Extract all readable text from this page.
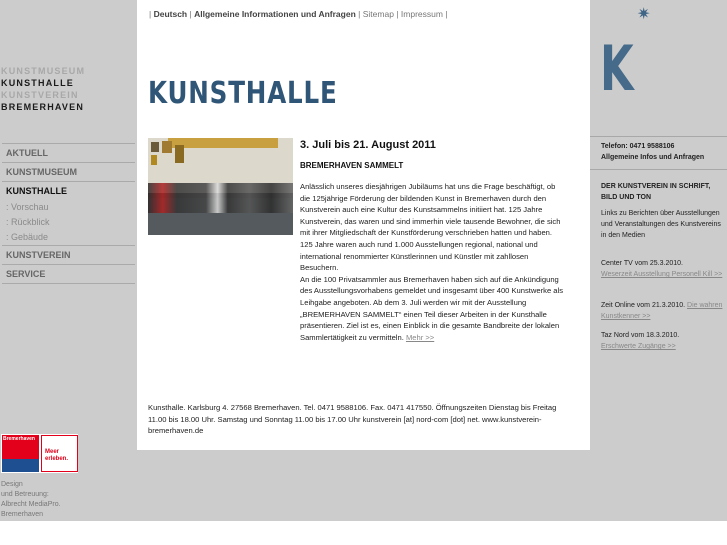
KUNSTMUSEUM
KUNSTHALLE
KUNSTVEREIN
BREMERHAVEN
AKTUELL
KUNSTMUSEUM
KUNSTHALLE
: Vorschau
: Rückblick
: Gebäude
KUNSTVEREIN
SERVICE
Bremerhaven
Meer erleben.
Design
und Betreuung:
Albrecht MediaPro.
Bremerhaven
| Deutsch | Allgemeine Informationen und Anfragen | Sitemap | Impressum |
KUNSTHALLE
3. Juli bis 21. August 2011
BREMERHAVEN SAMMELT
Anlässlich unseres diesjährigen Jubiläums hat uns die Frage beschäftigt, ob die 125jährige Förderung der bildenden Kunst in Bremerhaven durch den Kunstverein auch eine Kultur des Kunstsammelns initiiert hat. 125 Jahre Kunstverein, das waren und sind immerhin viele tausende Bewohner, die sich mit ihrer Mitgliedschaft der Kunstförderung verschrieben hatten und haben. 125 Jahre waren auch rund 1.000 Ausstellungen regional, national und international renommierter Künstlerinnen und Künstler mit zahllosen Besuchern.
An die 100 Privatsammler aus Bremerhaven haben sich auf die Ankündigung des Ausstellungsvorhabens gemeldet und insgesamt über 400 Kunstwerke als Leihgabe angeboten. Ab dem 3. Juli werden wir mit der Ausstellung „BREMERHAVEN SAMMELT“ einen Teil dieser Arbeiten in der Kunsthalle präsentieren. Ziel ist es, einen Einblick in die gesamte Bandbreite der lokalen Sammlertätigkeit zu vermitteln. Mehr >>
Kunsthalle. Karlsburg 4. 27568 Bremerhaven. Tel. 0471 9588106. Fax. 0471 417550. Öffnungszeiten Dienstag bis Freitag 11.00 bis 18.00 Uhr. Samstag und Sonntag 11.00 bis 17.00 Uhr kunstverein [at] nord-com [dot] net. www.kunstverein-bremerhaven.de
✷
K
Telefon: 0471 9588106
Allgemeine Infos und Anfragen
DER KUNSTVEREIN IN SCHRIFT, BILD UND TON
Links zu Berichten über Ausstellungen und Veranstaltungen des Kunstvereins in den Medien
Center TV vom 25.3.2010.
Weserzeit Ausstellung Personell Kill >>
Zeit Online vom 21.3.2010. Die wahren Kunstkenner >>
Taz Nord vom 18.3.2010.
Erschwerte Zugänge >>
